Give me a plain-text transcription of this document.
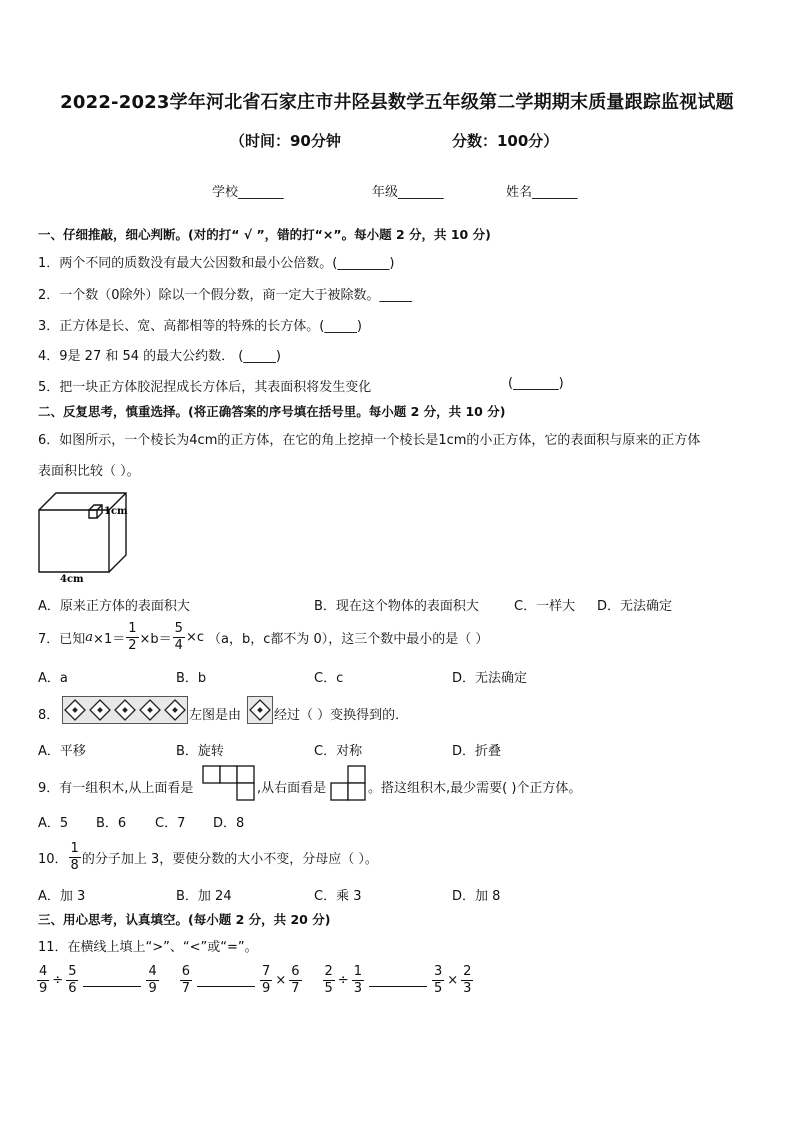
2022-2023学年河北省石家庄市井陉县数学五年级第二学期期末质量跟踪监视试题
（时间：90分钟	分数：100分）
学校_______	年级_______	姓名_______
一、仔细推敲，细心判断。(对的打“ √ ”，错的打“×”。每小题 2 分，共 10 分)
1．两个不同的质数没有最大公因数和最小公倍数。(________)
2．一个数（0除外）除以一个假分数，商一定大于被除数。_____
3．正方体是长、宽、高都相等的特殊的长方体。(_____)
4．9是 27 和 54 的最大公约数． (_____)
5．把一块正方体胶泥捏成长方体后，其表面积将发生变化	(_______)
二、反复思考，慎重选择。(将正确答案的序号填在括号里。每小题 2 分，共 10 分)
6．如图所示，一个棱长为4cm的正方体，在它的角上挖掉一个棱长是1cm的小正方体，它的表面积与原来的正方体
表面积比较（ ）。
1cm
4cm
A．原来正方体的表面积大	B．现在这个物体的表面积大	C．一样大 D．无法确定
7．已知 $a \times 1= \frac{1}{2} \times b= \frac{5}{4} \times c$ （a，b，c都不为 0），这三个数中最小的是（ ）
A．a	B．b	C．c	D．无法确定
8．	左图是由	经过（ ）变换得到的．
A．平移	B．旋转	C．对称	D．折叠
9．有一组积木,从上面看是	,从右面看是	。搭这组积木,最少需要( )个正方体。
A．5 B．6 C．7 D．8
10． $\frac{1}{8}$ 的分子加上 3，要使分数的大小不变，分母应（ ）。
A．加 3	B．加 24	C．乘 3	D．加 8
三、用心思考，认真填空。(每小题 2 分，共 20 分)
11．在横线上填上“>”、“<”或“=”。
$\frac{4}{9} \div \frac{5}{6}$	$\frac{4}{9} \frac{6}{7}$	$\frac{7}{9} \times \frac{6}{7} \frac{2}{5} \div \frac{1}{3}$	$\frac{3}{5} \times \frac{2}{3}$
